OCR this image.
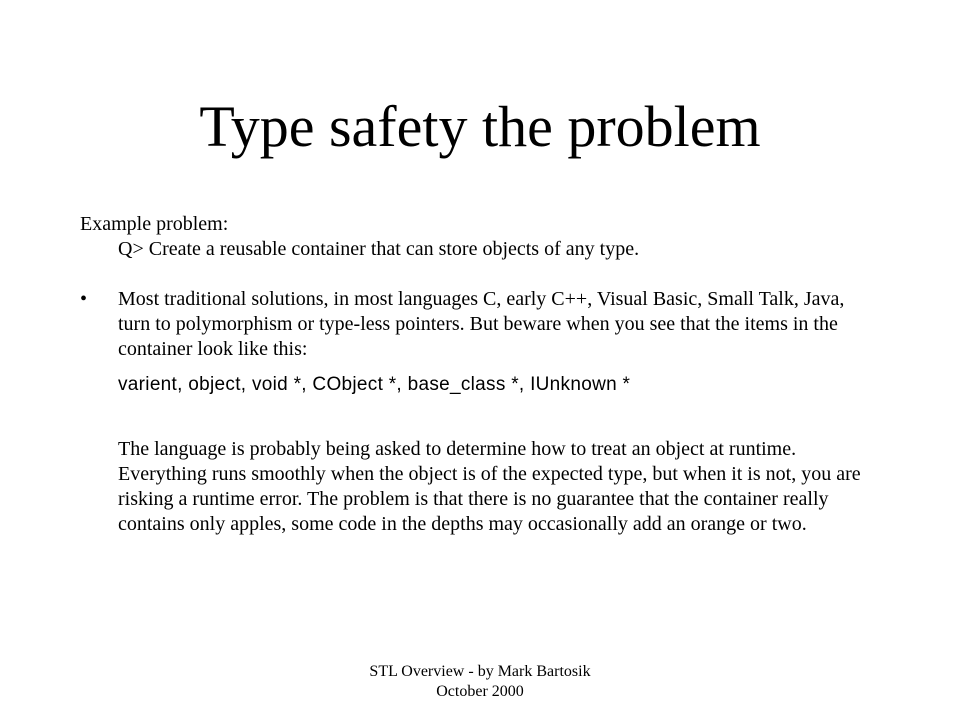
Type safety the problem
Example problem:
Q> Create a reusable container that can store objects of any type.
• Most traditional solutions, in most languages C, early C++, Visual Basic, Small Talk, Java, turn to polymorphism or type-less pointers. But beware when you see that the items in the container look like this:
varient, object, void *, CObject *, base_class *, IUnknown *
The language is probably being asked to determine how to treat an object at runtime. Everything runs smoothly when the object is of the expected type, but when it is not, you are risking a runtime error. The problem is that there is no guarantee that the container really contains only apples, some code in the depths may occasionally add an orange or two.
STL Overview - by Mark Bartosik
October 2000
